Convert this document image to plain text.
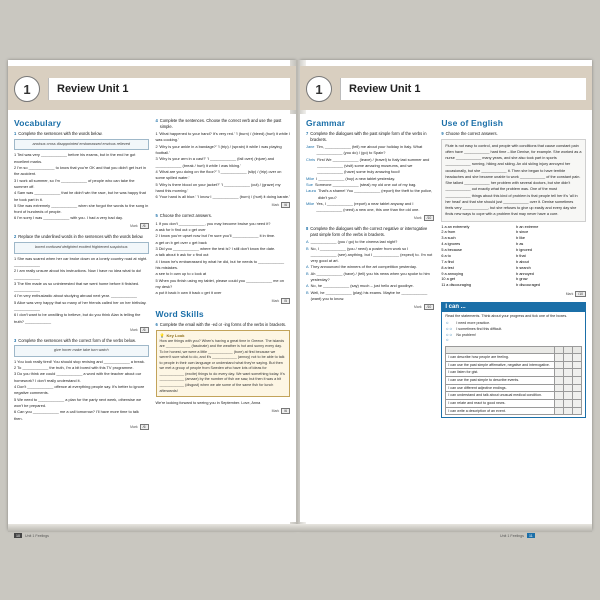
1	Review Unit 1	1	Review Unit 1
Vocabulary
1 Complete the sentences with the words below.
anxious cross disappointed embarrassed envious relieved
1 Ted was very ____________ before his exams, but in the end he got excellent marks.
2 I'm so ____________ to know that you're OK and that you didn't get hurt in the accident.
3 I work all summer, so I'm ____________ of people who can take the summer off.
4 Sam was ____________ that he didn't win the race, but he was happy that he took part in it.
5 She was extremely ____________ when she forgot the words to the song in front of hundreds of people.
6 I'm sorry I was ____________ with you. I had a very bad day.
Mark	/6
2 Replace the underlined words in the sentences with the words below.
bored confused delighted excited frightened suspicious
1 She was scared when her car broke down on a lonely country road at night. ____________
2 I am really unsure about his instructions. Now I have no idea what to do! ____________
3 The film made us so uninterested that we went home before it finished. ____________
4 I'm very enthusiastic about studying abroad next year. ____________
5 Alice was very happy that so many of her friends called her on her birthday. ____________
6 I don't want to be unwilling to believe, but do you think Alan is telling the truth? ____________
Mark	/6
3 Complete the sentences with the correct form of the verbs below.
give hover make take turn watch
1 You look really tired! You should stop revising and ____________ a break.
2 To ____________ the truth, I'm a bit bored with this TV programme.
3 Do you think we could ____________ a word with the teacher about our homework? I don't really understand it.
4 Don't ____________ offence at everything people say. It's better to ignore negative comments.
5 We need to ____________ a plan for the party next week, otherwise we won't be prepared.
6 Can you ____________ me a call tomorrow? I'll have more time to talk then.
Mark	/6
4 Complete the sentences. Choose the correct verb and use the past simple.
1 'What happened to your hand? It's very red.' 'I (burn) / (bleed) (hurt) it while I was cooking.'
2 'Why is your ankle in a bandage?' 'I (trip) / (sprain) it while I was playing football.'
3 'Why is your arm in a cast?' 'I ____________ (fall over) (injure) and ____________ (break / hurt) it while I was hiking.'
4 'What are you doing on the floor?' 'I ____________ (slip) / (trip) over on some spilled water.'
5 'Why is there blood on your jacket?' 'I ____________ (cut) / (graze) my hand this morning.'
6 'Your hand is all blue.' 'I know I ____________ (burn) / (hurt) it doing karate.'
Mark	/6
5 Choose the correct answers.
1 If you don't ____________, you may become bruise you need it?
a ask for b find out c get over
2 I know you're upset now but I'm sure you'll ____________ it in time.
a get on b get over c get back
3 Did you ____________ where the test is? I still don't know the date.
a talk about b ask for c find out
4 I know he's embarrassed by what he did, but he needs to ____________ his mistakes.
a see to b own up to c look at
5 When you finish using my tablet, please could you ____________ me on my desk?
a put it back b own it back c get it over
Mark	/5
Word Skills
6 Complete the email with the -ed or -ing forms of the verbs in brackets.
💡 Key Look

How are things with you? When's having a great time in Greece. The islands are ____________ (fascinate) and the weather is hot and sunny every day. To be honest, we were a little ____________ (bore) at first because we weren't sure what to do, and it's ____________ (annoy) not to be able to talk to people in their own language or understand what they're saying. But then we met a group of people from Sweden who have lots of ideas for ____________ (excite) things to do every day. We want something today. It's ____________ (amaze) by the number of fish we saw, but then it was a bit ____________ (disgust) when we ate some of the same fish for lunch afterwards!

We're looking forward to seeing you in September. Love, Anna
Mark	/6
Grammar
7 Complete the dialogues with the past simple form of the verbs in brackets.
Jane Tim, ____________ (tell) me about your holiday in Italy. What ____________ (you do) / (go) to Spain?
Chris First We ____________ (leave) / (travel) to Italy last summer and ____________ (visit) some amazing museums, and we ____________ (have) some truly amazing food!
Mike I ____________ (buy) a new tablet yesterday.
Sue Someone ____________ (steal) my old one out of my bag.
Laura That's a shame! You ____________ (report) the theft to the police, didn't you?
Mike Yes, I ____________ (report) a near tablet anyway and I ____________ (need) a new one, this one than the old one.
Mark	/10
8 Complete the dialogues with the correct negative or interrogative past simple form of the verbs in brackets.
A ____________ (you / go) to the cinema last night?
B No, I ____________ (you / need) a poster from work so I ____________ (see) anything, but I ____________ (expect) to. I'm not very good at art.
A They announced the winners of the art competition yesterday.
B Ah ____________ (have) / (tell) you his news when you spoke to him yesterday?
A No, he ____________ (say) much – just hello and goodbye.
B Well, he ____________ (play) his exams. Maybe he ____________ (want) you to know.
Mark	/10
Use of English
9 Choose the correct answers.
Flute is not easy to control, and people with conditions that cause constant pain often have ____________ hard time – like Denise, for example. She worked as a nurse ____________ many years, and she also took part in sports ____________ running, hiking and skiing. An old skiing injury annoyed her occasionally, but she ____________ it. Then she began to have terrible headaches and she became unable to work ____________ of the constant pain. She talked ____________ her problem with several doctors, but she didn't ____________ out exactly what the problem was. One of the most ____________ things about this kind of problem is that people tell her it's 'all in her head' and that she should just ____________ over it. Denise sometimes feels very ____________, but she refuses to give up easily and every day she finds new ways to cope with a problem that may never have a cure.
1 a an extremely	b an extreme
2 a from	b since
3 a such	b like
4 a ignores	b as
5 a because	b ignored
6 a to	b that
7 a find	b about
8 a test	b search
9 a annoying	b annoyed
10 a get	b grow
11 a discouraging	b discouraged
Mark	/10
I can ...

Read the statements. Think about your progress and tick one of the boxes.

☺	I need more practice.
☺☺	I sometimes find this difficult.
☺☺☺
No problem!

I can describe how people are feeling.			
I can use the past simple affirmative, negative and interrogative.			
I can listen for gist.			
I can use the past simple to describe events.			
I can use different adjective endings.			
I can understand and talk about unusual medical condition.			
I can relate and react to good news.			
I can write a description of an event.			
10	Unit 1 Feelings	Unit 1 Feelings	11
